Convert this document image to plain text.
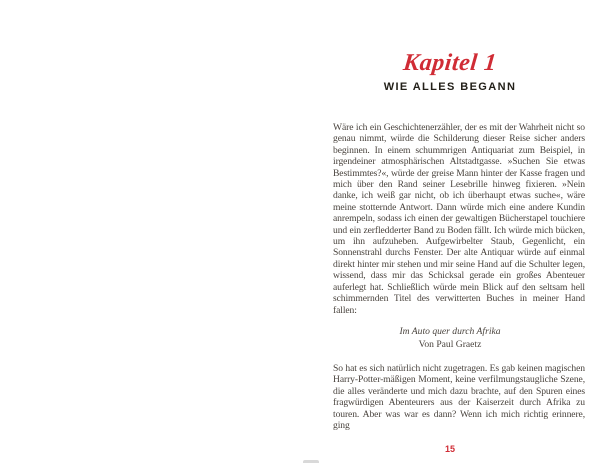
Kapitel 1
WIE ALLES BEGANN

Wäre ich ein Geschichtenerzähler, der es mit der Wahrheit nicht so genau nimmt, würde die Schilderung dieser Reise sicher anders beginnen. In einem schummrigen Antiquariat zum Beispiel, in irgendeiner atmosphärischen Altstadtgasse. »Suchen Sie etwas Bestimmtes?«, würde der greise Mann hinter der Kasse fragen und mich über den Rand seiner Lesebrille hinweg fixieren. »Nein danke, ich weiß gar nicht, ob ich überhaupt etwas suche«, wäre meine stotternde Antwort. Dann würde mich eine andere Kundin anrempeln, sodass ich einen der gewaltigen Bücherstapel touchiere und ein zerfledderter Band zu Boden fällt. Ich würde mich bücken, um ihn aufzuheben. Aufgewirbelter Staub, Gegenlicht, ein Sonnenstrahl durchs Fenster. Der alte Antiquar würde auf einmal direkt hinter mir stehen und mir seine Hand auf die Schulter legen, wissend, dass mir das Schicksal gerade ein großes Abenteuer auferlegt hat. Schließlich würde mein Blick auf den seltsam hell schimmernden Titel des verwitterten Buches in meiner Hand fallen:

Im Auto quer durch Afrika
Von Paul Graetz

So hat es sich natürlich nicht zugetragen. Es gab keinen magischen Harry-Potter-mäßigen Moment, keine verfilmungstaugliche Szene, die alles veränderte und mich dazu brachte, auf den Spuren eines fragwürdigen Abenteurers aus der Kaiserzeit durch Afrika zu touren. Aber was war es dann? Wenn ich mich richtig erinnere, ging

15
